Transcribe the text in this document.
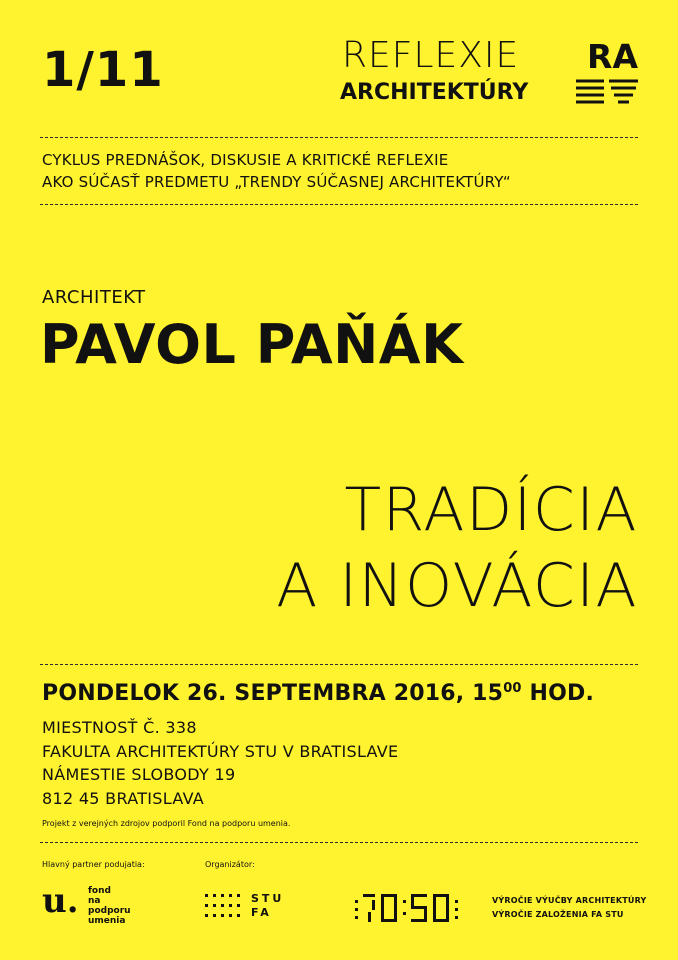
1/11	REFLEXIE
ARCHITEKTÚRY
RA
CYKLUS PREDNÁŠOK, DISKUSIE A KRITICKÉ REFLEXIE
AKO SÚČASŤ PREDMETU „TRENDY SÚČASNEJ ARCHITEKTÚRY“
ARCHITEKT
PAVOL PAŇÁK
TRADÍCIA
A INOVÁCIA
PONDELOK 26. SEPTEMBRA 2016, $15^{00}$ HOD.
MIESTNOSŤ Č. 338
FAKULTA ARCHITEKTÚRY STU V BRATISLAVE
NÁMESTIE SLOBODY 19
812 45 BRATISLAVA
Projekt z verejných zdrojov podporil Fond na podporu umenia.
Hlavný partner podujatia:	Organizátor:
u. fond
na podporu
umenia
STU
FA
VÝROČIE VÝUČBY ARCHITEKTÚRY
VÝROČIE ZALOŽENIA FA STU
